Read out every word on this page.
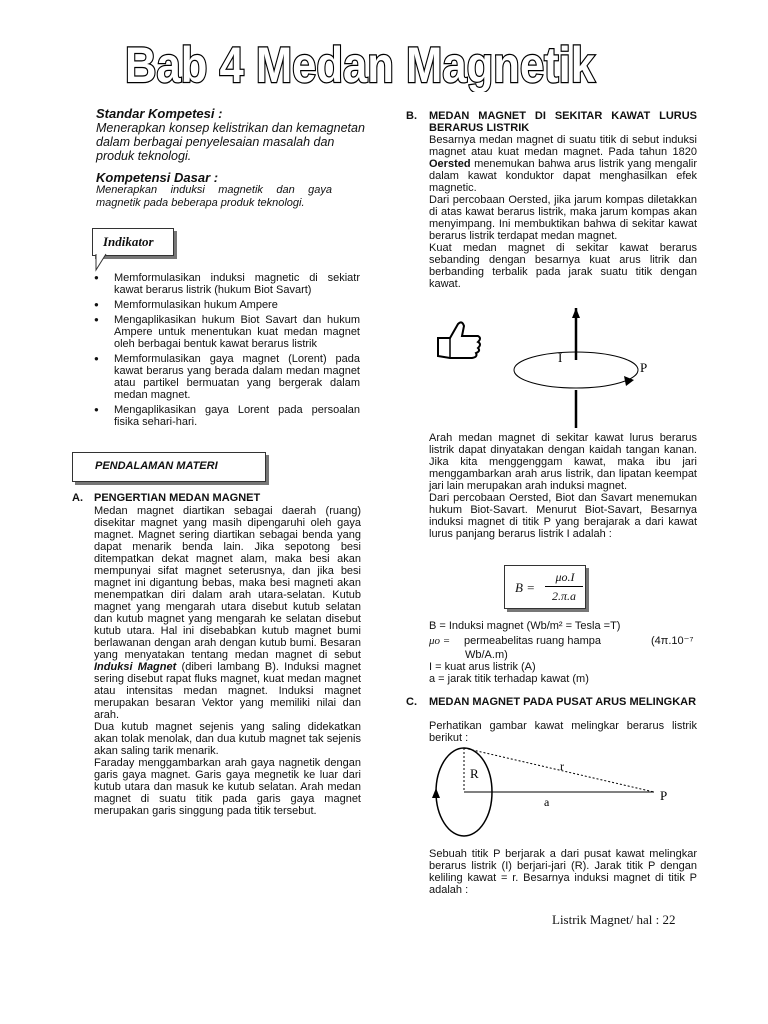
Bab 4 Medan Magnetik
Standar Kompetesi :
Menerapkan konsep kelistrikan dan kemagnetan dalam berbagai penyelesaian masalah dan produk teknologi.
Kompetensi Dasar :
Menerapkan induksi magnetik dan gaya magnetik pada beberapa produk teknologi.
Indikator
● Memformulasikan induksi magnetic di sekiatr kawat berarus listrik (hukum Biot Savart)
● Memformulasikan hukum Ampere
● Mengaplikasikan hukum Biot Savart dan hukum Ampere untuk menentukan kuat medan magnet oleh berbagai bentuk kawat berarus listrik
● Memformulasikan gaya magnet (Lorent) pada kawat berarus yang berada dalam medan magnet atau partikel bermuatan yang bergerak dalam medan magnet.
● Mengaplikasikan gaya Lorent pada persoalan fisika sehari-hari.
PENDALAMAN MATERI
A. PENGERTIAN MEDAN MAGNET
Medan magnet diartikan sebagai daerah (ruang) disekitar magnet yang masih dipengaruhi oleh gaya magnet. Magnet sering diartikan sebagai benda yang dapat menarik benda lain. Jika sepotong besi ditempatkan dekat magnet alam, maka besi akan mempunyai sifat magnet seterusnya, dan jika besi magnet ini digantung bebas, maka besi magneti akan menempatkan diri dalam arah utara-selatan. Kutub magnet yang mengarah utara disebut kutub selatan dan kutub magnet yang mengarah ke selatan disebut kutub utara. Hal ini disebabkan kutub magnet bumi berlawanan dengan arah dengan kutub bumi. Besaran yang menyatakan tentang medan magnet di sebut Induksi Magnet (diberi lambang B). Induksi magnet sering disebut rapat fluks magnet, kuat medan magnet atau intensitas medan magnet. Induksi magnet merupakan besaran Vektor yang memiliki nilai dan arah.
Dua kutub magnet sejenis yang saling didekatkan akan tolak menolak, dan dua kutub magnet tak sejenis akan saling tarik menarik.
Faraday menggambarkan arah gaya nagnetik dengan garis gaya magnet. Garis gaya megnetik ke luar dari kutub utara dan masuk ke kutub selatan. Arah medan magnet di suatu titik pada garis gaya magnet merupakan garis singgung pada titik tersebut.
B. MEDAN MAGNET DI SEKITAR KAWAT LURUS BERARUS LISTRIK
Besarnya medan magnet di suatu titik di sebut induksi magnet atau kuat medan magnet. Pada tahun 1820 Oersted menemukan bahwa arus listrik yang mengalir dalam kawat konduktor dapat menghasilkan efek magnetic.
Dari percobaan Oersted, jika jarum kompas diletakkan di atas kawat berarus listrik, maka jarum kompas akan menyimpang. Ini membuktikan bahwa di sekitar kawat berarus listrik terdapat medan magnet.
Kuat medan magnet di sekitar kawat berarus sebanding dengan besarnya kuat arus litrik dan berbanding terbalik pada jarak suatu titik dengan kawat.
I
P
Arah medan magnet di sekitar kawat lurus berarus listrik dapat dinyatakan dengan kaidah tangan kanan. Jika kita menggenggam kawat, maka ibu jari menggambarkan arah arus listrik, dan lipatan keempat jari lain merupakan arah induksi magnet.
Dari percobaan Oersted, Biot dan Savart menemukan hukum Biot-Savart. Menurut Biot-Savart, Besarnya induksi magnet di titik P yang berajarak a dari kawat lurus panjang berarus listrik I adalah :
B =
μo.I
2.π.a
B = Induksi magnet (Wb/m² = Tesla =T)
μo = permeabelitas ruang hampa	(4π.10⁻⁷
Wb/A.m)
I = kuat arus listrik (A)
a = jarak titik terhadap kawat (m)
C. MEDAN MAGNET PADA PUSAT ARUS MELINGKAR
Perhatikan gambar kawat melingkar berarus listrik berikut :
R	r
a	P
Sebuah titik P berjarak a dari pusat kawat melingkar berarus listrik (I) berjari-jari (R). Jarak titik P dengan keliling kawat = r. Besarnya induksi magnet di titik P adalah :
Listrik Magnet/ hal : 22
